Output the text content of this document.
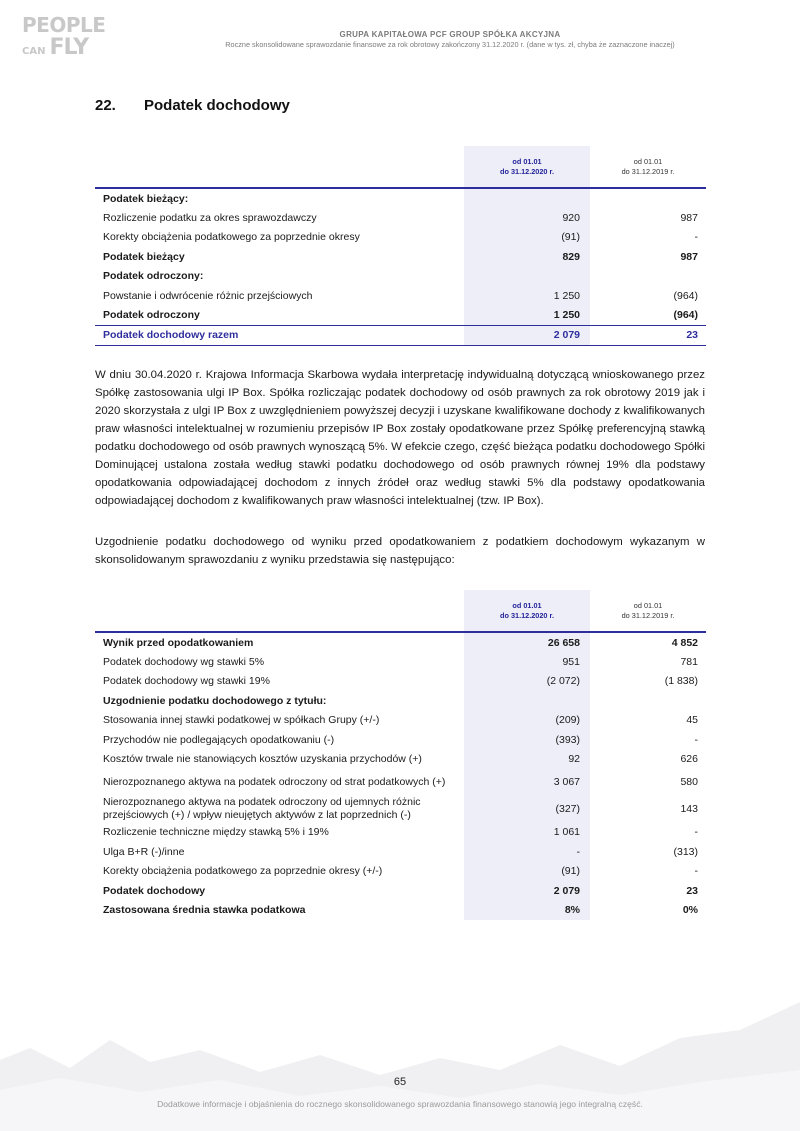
PEOPLE
CAN FLY
GRUPA KAPITAŁOWA PCF GROUP SPÓŁKA AKCYJNA
Roczne skonsolidowane sprawozdanie finansowe za rok obrotowy zakończony 31.12.2020 r. (dane w tys. zł, chyba że zaznaczone inaczej)
22. Podatek dochodowy
	od 01.01
do 31.12.2020 r.	od 01.01
do 31.12.2019 r.
Podatek bieżący:		
Rozliczenie podatku za okres sprawozdawczy	920	987
Korekty obciążenia podatkowego za poprzednie okresy	(91)	-
Podatek bieżący	829	987
Podatek odroczony:		
Powstanie i odwrócenie różnic przejściowych	1 250	(964)
Podatek odroczony	1 250	(964)
Podatek dochodowy razem	2 079	23
W dniu 30.04.2020 r. Krajowa Informacja Skarbowa wydała interpretację indywidualną dotyczącą wnioskowanego przez Spółkę zastosowania ulgi IP Box. Spółka rozliczając podatek dochodowy od osób prawnych za rok obrotowy 2019 jak i 2020 skorzystała z ulgi IP Box z uwzględnieniem powyższej decyzji i uzyskane kwalifikowane dochody z kwalifikowanych praw własności intelektualnej w rozumieniu przepisów IP Box zostały opodatkowane przez Spółkę preferencyjną stawką podatku dochodowego od osób prawnych wynoszącą 5%. W efekcie czego, część bieżąca podatku dochodowego Spółki Dominującej ustalona została według stawki podatku dochodowego od osób prawnych równej 19% dla podstawy opodatkowania odpowiadającej dochodom z innych źródeł oraz według stawki 5% dla podstawy opodatkowania odpowiadającej dochodom z kwalifikowanych praw własności intelektualnej (tzw. IP Box).
Uzgodnienie podatku dochodowego od wyniku przed opodatkowaniem z podatkiem dochodowym wykazanym w skonsolidowanym sprawozdaniu z wyniku przedstawia się następująco:
	od 01.01
do 31.12.2020 r.	od 01.01
do 31.12.2019 r.
Wynik przed opodatkowaniem	26 658	4 852
Podatek dochodowy wg stawki 5%	951	781
Podatek dochodowy wg stawki 19%	(2 072)	(1 838)
Uzgodnienie podatku dochodowego z tytułu:		
Stosowania innej stawki podatkowej w spółkach Grupy (+/-)	(209)	45
Przychodów nie podlegających opodatkowaniu (-)	(393)	-
Kosztów trwale nie stanowiących kosztów uzyskania przychodów (+)	92	626
Nierozpoznanego aktywa na podatek odroczony od strat podatkowych (+)	3 067	580
Nierozpoznanego aktywa na podatek odroczony od ujemnych różnic przejściowych (+) / wpływ nieujętych aktywów z lat poprzednich (-)	(327)	143
Rozliczenie techniczne między stawką 5% i 19%	1 061	-
Ulga B+R (-)/inne	-	(313)
Korekty obciążenia podatkowego za poprzednie okresy (+/-)	(91)	-
Podatek dochodowy	2 079	23
Zastosowana średnia stawka podatkowa	8%	0%
65
Dodatkowe informacje i objaśnienia do rocznego skonsolidowanego sprawozdania finansowego stanowią jego integralną część.
